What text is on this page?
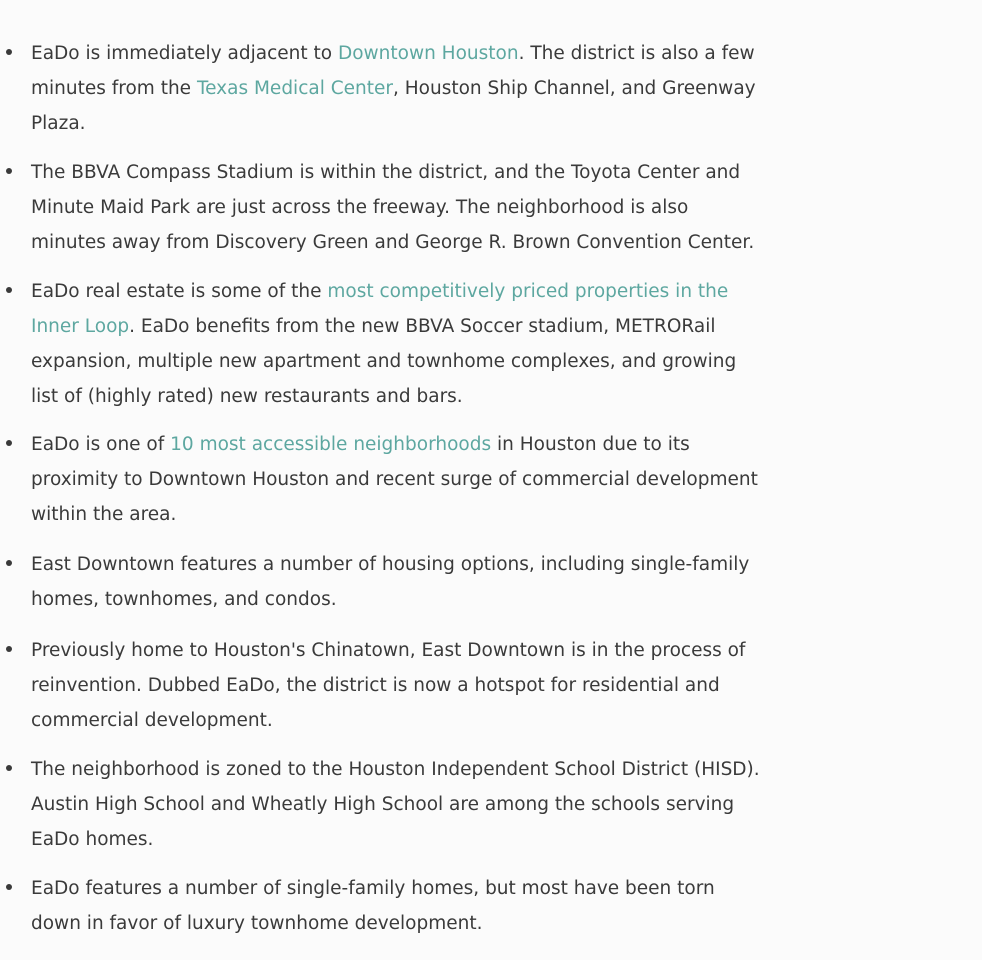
EaDo is immediately adjacent to Downtown Houston. The district is also a few
minutes from the Texas Medical Center, Houston Ship Channel, and Greenway
Plaza.

The BBVA Compass Stadium is within the district, and the Toyota Center and
Minute Maid Park are just across the freeway. The neighborhood is also
minutes away from Discovery Green and George R. Brown Convention Center.

EaDo real estate is some of the most competitively priced properties in the
Inner Loop. EaDo benefits from the new BBVA Soccer stadium, METRORail
expansion, multiple new apartment and townhome complexes, and growing
list of (highly rated) new restaurants and bars.

EaDo is one of 10 most accessible neighborhoods in Houston due to its
proximity to Downtown Houston and recent surge of commercial development
within the area.

East Downtown features a number of housing options, including single-family
homes, townhomes, and condos.

Previously home to Houston's Chinatown, East Downtown is in the process of
reinvention. Dubbed EaDo, the district is now a hotspot for residential and
commercial development.

The neighborhood is zoned to the Houston Independent School District (HISD).
Austin High School and Wheatly High School are among the schools serving
EaDo homes.

EaDo features a number of single-family homes, but most have been torn
down in favor of luxury townhome development.
